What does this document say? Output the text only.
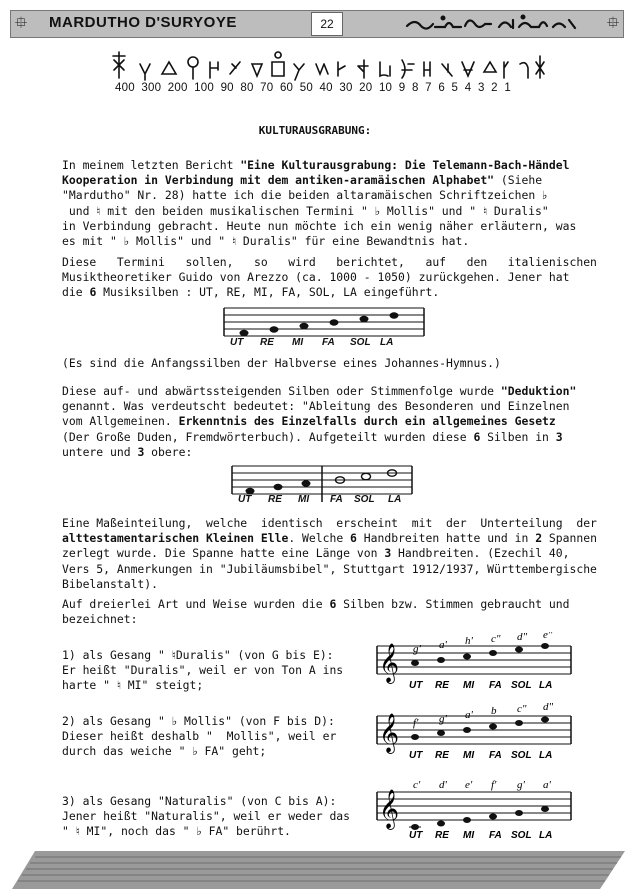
⯐ MARDUTHO D'SURYOYE	22	⯐
400 300 200 100 90 80 70 60 50 40 30 20 10 9 8 7 6 5 4 3 2 1
KULTURAUSGRABUNG:
In meinem letzten Bericht "Eine Kulturausgrabung: Die Telemann-Bach-Händel
Kooperation in Verbindung mit dem antiken-aramäischen Alphabet" (Siehe
"Mardutho" Nr. 28) hatte ich die beiden altaramäischen Schriftzeichen ♭
und ♮ mit den beiden musikalischen Termini " ♭ Mollis" und " ♮ Duralis"
in Verbindung gebracht. Heute nun möchte ich ein wenig näher erläutern, was
es mit " ♭ Mollis" und " ♮ Duralis" für eine Bewandtnis hat.
Diese   Termini   sollen,   so   wird   berichtet,   auf   den   italienischen
Musiktheoretiker Guido von Arezzo (ca. 1000 - 1050) zurückgehen. Jener hat
die 6 Musiksilben : UT, RE, MI, FA, SOL, LA eingeführt.
UT RE MI FA SOL LA
(Es sind die Anfangssilben der Halbverse eines Johannes-Hymnus.)
Diese auf- und abwärtssteigenden Silben oder Stimmenfolge wurde "Deduktion"
genannt. Was verdeutscht bedeutet: "Ableitung des Besonderen und Einzelnen
vom Allgemeinen. Erkenntnis des Einzelfalls durch ein allgemeines Gesetz
(Der Große Duden, Fremdwörterbuch). Aufgeteilt wurden diese 6 Silben in 3
untere und 3 obere:
UT RE MI FA SOL LA
Eine Maßeinteilung,  welche  identisch  erscheint  mit  der  Unterteilung  der
alttestamentarischen Kleinen Elle. Welche 6 Handbreiten hatte und in 2 Spannen
zerlegt wurde. Die Spanne hatte eine Länge von 3 Handbreiten. (Ezechil 40,
Vers 5, Anmerkungen in "Jubiläumsbibel", Stuttgart 1912/1937, Württembergische
Bibelanstalt).
Auf dreierlei Art und Weise wurden die 6 Silben bzw. Stimmen gebraucht und
bezeichnet:
1) als Gesang " ♮Duralis" (von G bis E):
Er heißt "Duralis", weil er von Ton A ins
harte " ♮ MI" steigt;
2) als Gesang " ♭ Mollis" (von F bis D):
Dieser heißt deshalb "  Mollis", weil er
durch das weiche " ♭ FA" geht;
3) als Gesang "Naturalis" (von C bis A):
Jener heißt "Naturalis", weil er weder das
" ♮ MI", noch das " ♭ FA" berührt.
𝄞 g' a' h' c" d" e"
UT RE MI FA SOL LA
𝄞 f' g' a' b c" d"
UT RE MI FA SOL LA
𝄞
c' d' e' f' g' a'
UT RE MI FA SOL LA
